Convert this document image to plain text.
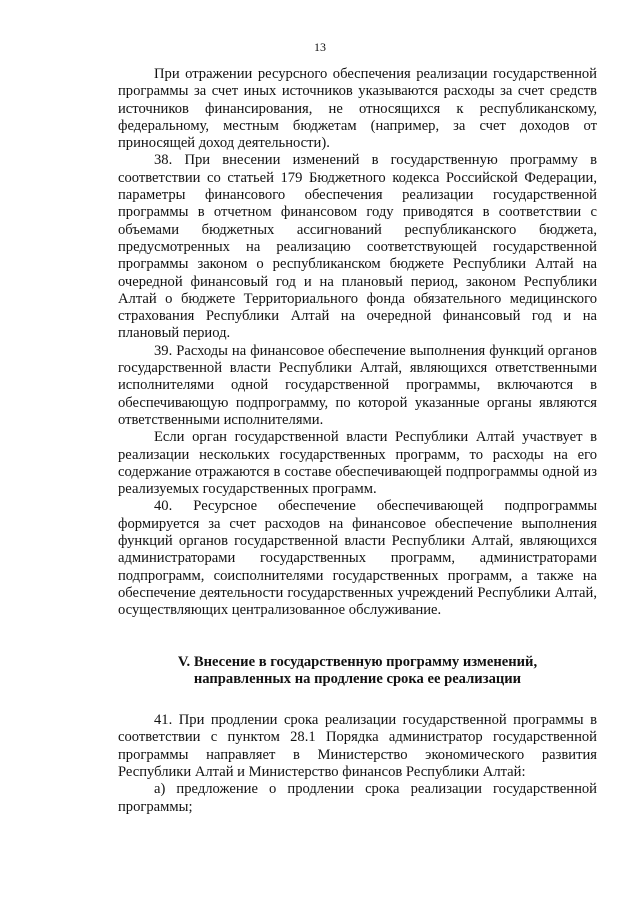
13

При отражении ресурсного обеспечения реализации государственной программы за счет иных источников указываются расходы за счет средств источников финансирования, не относящихся к республиканскому, федеральному, местным бюджетам (например, за счет доходов от приносящей доход деятельности).

38. При внесении изменений в государственную программу в соответствии со статьей 179 Бюджетного кодекса Российской Федерации, параметры финансового обеспечения реализации государственной программы в отчетном финансовом году приводятся в соответствии с объемами бюджетных ассигнований республиканского бюджета, предусмотренных на реализацию соответствующей государственной программы законом о республиканском бюджете Республики Алтай на очередной финансовый год и на плановый период, законом Республики Алтай о бюджете Территориального фонда обязательного медицинского страхования Республики Алтай на очередной финансовый год и на плановый период.

39. Расходы на финансовое обеспечение выполнения функций органов государственной власти Республики Алтай, являющихся ответственными исполнителями одной государственной программы, включаются в обеспечивающую подпрограмму, по которой указанные органы являются ответственными исполнителями.

Если орган государственной власти Республики Алтай участвует в реализации нескольких государственных программ, то расходы на его содержание отражаются в составе обеспечивающей подпрограммы одной из реализуемых государственных программ.

40. Ресурсное обеспечение обеспечивающей подпрограммы формируется за счет расходов на финансовое обеспечение выполнения функций органов государственной власти Республики Алтай, являющихся администраторами государственных программ, администраторами подпрограмм, соисполнителями государственных программ, а также на обеспечение деятельности государственных учреждений Республики Алтай, осуществляющих централизованное обслуживание.

V. Внесение в государственную программу изменений,
направленных на продление срока ее реализации

41. При продлении срока реализации государственной программы в соответствии с пунктом 28.1 Порядка администратор государственной программы направляет в Министерство экономического развития Республики Алтай и Министерство финансов Республики Алтай:

а) предложение о продлении срока реализации государственной программы;
